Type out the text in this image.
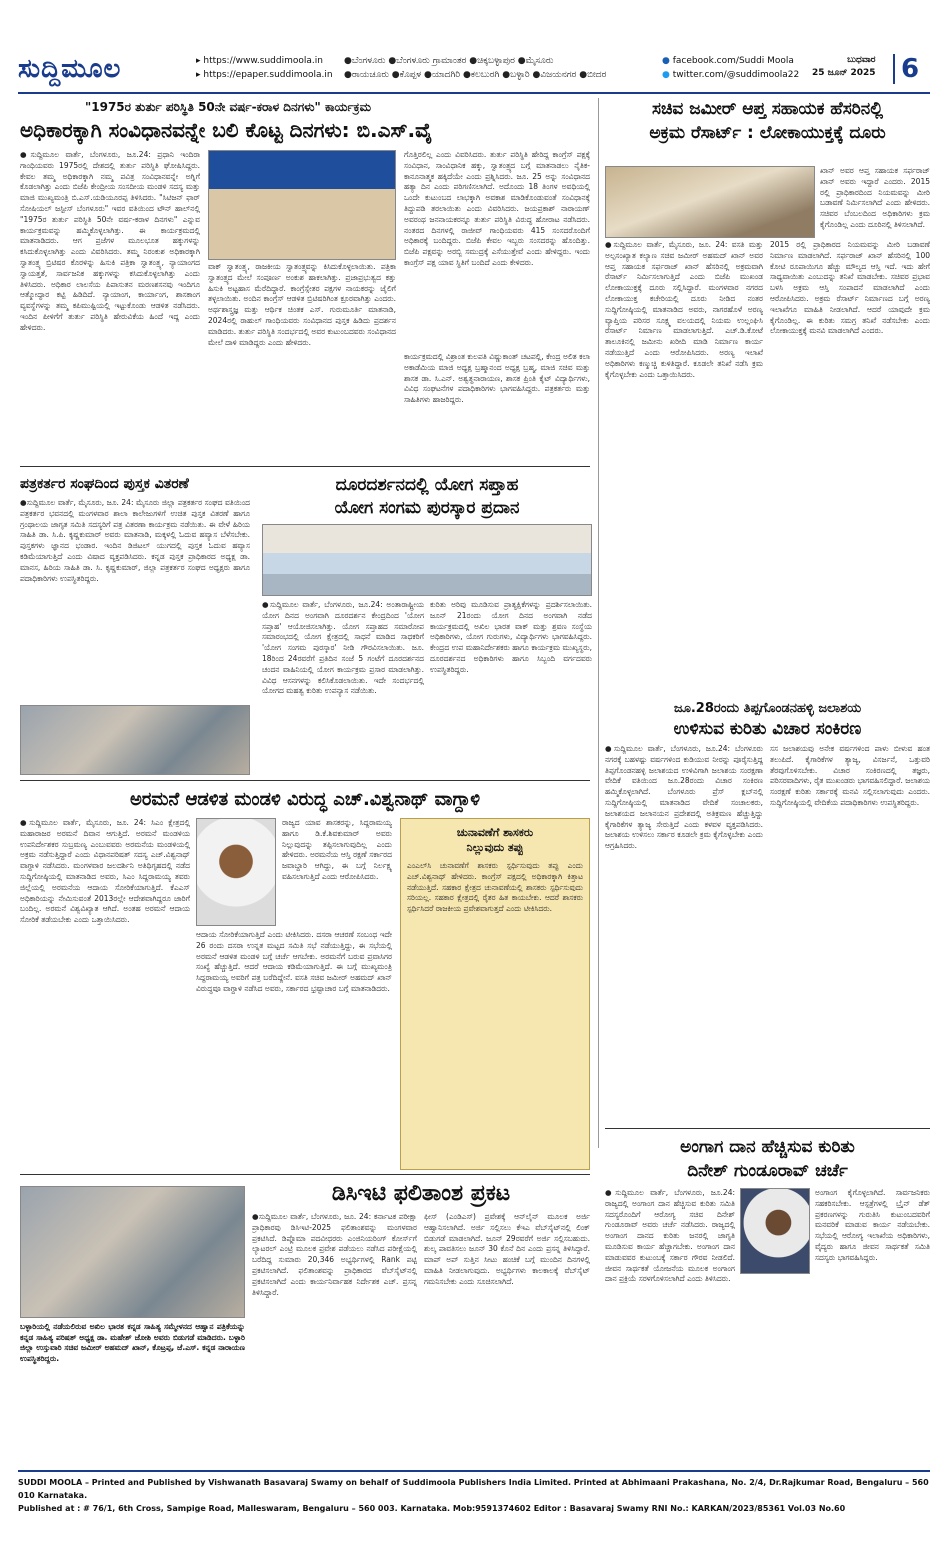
ಸುದ್ದಿಮೂಲ	▸ https://www.suddimoola.in
▸ https://epaper.suddimoola.in
●ಬೆಂಗಳೂರು ●ಬೆಂಗಳೂರು ಗ್ರಾಮಾಂತರ ●ಚಿಕ್ಕಬಳ್ಳಾಪುರ ●ಮೈಸೂರು
●ರಾಯಚೂರು ●ಕೊಪ್ಪಳ ●ಯಾದಗಿರಿ ●ಕಲಬುರಗಿ ●ಬಳ್ಳಾರಿ ●ವಿಜಯನಗರ ●ಬೀದರ
● facebook.com/Suddi Moola
● twitter.com/@suddimoola22
ಬುಧವಾರ
25 ಜೂನ್ 2025 6
"1975ರ ತುರ್ತು ಪರಿಸ್ಥಿತಿ 50ನೇ ವರ್ಷ-ಕರಾಳ ದಿನಗಳು" ಕಾರ್ಯಕ್ರಮ
ಅಧಿಕಾರಕ್ಕಾಗಿ ಸಂವಿಧಾನವನ್ನೇ ಬಲಿ ಕೊಟ್ಟ ದಿನಗಳು: ಬಿ.ಎಸ್.ವೈ
●ಸುದ್ದಿಮೂಲ ವಾರ್ತೆ, ಬೆಂಗಳೂರು, ಜೂ.24: ಪ್ರಧಾನಿ ಇಂದಿರಾ ಗಾಂಧಿಯವರು 1975ರಲ್ಲಿ ದೇಶದಲ್ಲಿ ತುರ್ತು ಪರಿಸ್ಥಿತಿ ಘೋಷಿಸಿದ್ದರು. ಕೇವಲ ತಮ್ಮ ಅಧಿಕಾರಕ್ಕಾಗಿ ನಮ್ಮ ಪವಿತ್ರ ಸಂವಿಧಾನವನ್ನೇ ಅಗ್ನಿಗೆ ಕೊಡಲಾಗಿತ್ತು ಎಂದು ಬಿಜೆಪಿ ಕೇಂದ್ರೀಯ ಸಂಸದೀಯ ಮಂಡಳಿ ಸದಸ್ಯ ಮತ್ತು ಮಾಜಿ ಮುಖ್ಯಮಂತ್ರಿ ಬಿ.ಎಸ್.ಯಡಿಯೂರಪ್ಪ ತಿಳಿಸಿದರು. "ಸಿಟಿಜನ್ ಫಾರ್ ಸೋಷಿಯಲ್ ಜಸ್ಟೀಸ್ ಬೆಂಗಳೂರು" ಇವರ ವತಿಯಿಂದ ಟೌನ್ ಹಾಲ್‌ನಲ್ಲಿ "1975ರ ತುರ್ತು ಪರಿಸ್ಥಿತಿ 50ನೇ ವರ್ಷ-ಕರಾಳ ದಿನಗಳು" ಎನ್ನುವ ಕಾರ್ಯಕ್ರಮವನ್ನು ಹಮ್ಮಿಕೊಳ್ಳಲಾಗಿತ್ತು. ಈ ಕಾರ್ಯಕ್ರಮದಲ್ಲಿ ಮಾತನಾಡಿದರು. ಆಗ ಪ್ರಜೆಗಳ ಮೂಲಭೂತ ಹಕ್ಕುಗಳನ್ನು ಕಸಿದುಕೊಳ್ಳಲಾಗಿತ್ತು ಎಂದು ವಿವರಿಸಿದರು. ತಮ್ಮ ನಿರಂಕುಶ ಅಧಿಕಾರಕ್ಕಾಗಿ ಸ್ವಾತಂತ್ರ್ಯ ಬ್ರಿಟಿಷರ ಕೊರಳಿನ್ನು ಹಿಸುಕಿ ಪತ್ರಿಕಾ ಸ್ವಾತಂತ್ರ್ಯ, ನ್ಯಾಯಾಂಗದ ಸ್ವಾಯತ್ತತೆ, ಸಾರ್ವಜನಿಕ ಹಕ್ಕುಗಳನ್ನು ಕಸಿದುಕೊಳ್ಳಲಾಗಿತ್ತು ಎಂದು ತಿಳಿಸಿದರು. ಅಧಿಕಾರ ಲಾಲಸೆಯ ಪಿಪಾಸುತನ ಮರಣಶಸನವು ಇಂದಿಗೂ ಆತ್ಮೋದ್ಧಾರ ಕಟ್ಟಿ ಹಿಡಿದಿದೆ. ನ್ಯಾಯಾಂಗ, ಕಾರ್ಯಾಂಗ, ಶಾಸಕಾಂಗ ವ್ಯವಸ್ಥೆಗಳನ್ನು ತಮ್ಮ ಕಪಿಮುಷ್ಟಿಯಲ್ಲಿ ಇಟ್ಟುಕೊಂಡು ಆಡಳಿತ ನಡೆಸಿದರು. ಇಂದಿನ ಪೀಳಿಗೆಗೆ ತುರ್ತು ಪರಿಸ್ಥಿತಿ ಹೇರುವಿಕೆಯ ಹಿಂದೆ ಇದ್ದ ಎಂದು ಹೇಳಿದರು.
ವಾಕ್ ಸ್ವಾತಂತ್ರ್ಯ, ರಾಜಕೀಯ ಸ್ವಾತಂತ್ರ್ಯವನ್ನು ಕಿಸಿದುಕೊಳ್ಳಲಾಯಿತು. ಪತ್ರಿಕಾ ಸ್ವಾತಂತ್ರ್ಯದ ಮೇಲೆ ಸಂಪೂರ್ಣ ಅಂಕುಶ ಹಾಕಲಾಗಿತ್ತು. ಪ್ರಜಾಪ್ರಭುತ್ವದ ಕತ್ತು ಹಿಸುಕಿ ಅಟ್ಟಹಾಸ ಮೆರೆದಿದ್ದಾರೆ. ಕಾಂಗ್ರೆಸ್ಸೇತರ ಪಕ್ಷಗಳ ನಾಯಕರನ್ನು ಜೈಲಿಗೆ ತಳ್ಳಲಾಯಿತು. ಅಂದಿನ ಕಾಂಗ್ರೆಸ್ ಆಡಳಿತ ಬ್ರಿಟಿಷರಿಗಿಂತ ಕ್ರೂರವಾಗಿತ್ತು ಎಂದರು. ಅರ್ಥಶಾಸ್ತ್ರಜ್ಞ ಮತ್ತು ಆರ್ಥಿಕ ಚಿಂತಕ ಎಸ್. ಗುರುಮೂರ್ತಿ ಮಾತನಾಡಿ, 2024ರಲ್ಲಿ ರಾಹುಲ್ ಗಾಂಧಿಯವರು ಸಂವಿಧಾನದ ಪುಸ್ತಕ ಹಿಡಿದು ಪ್ರದರ್ಶನ ಮಾಡಿದರು. ತುರ್ತು ಪರಿಸ್ಥಿತಿ ಸಂದರ್ಭದಲ್ಲಿ ಅವರ ಕುಟುಂಬದವರು ಸಂವಿಧಾನದ ಮೇಲೆ ದಾಳಿ ಮಾಡಿದ್ದರು ಎಂದು ಹೇಳಿದರು.
ಗೊತ್ತಿರಲಿಲ್ಲ ಎಂದು ವಿವರಿಸಿದರು. ತುರ್ತು ಪರಿಸ್ಥಿತಿ ಹೇರಿದ್ದ ಕಾಂಗ್ರೆಸ್ ಪಕ್ಷಕ್ಕೆ ಸಂವಿಧಾನ, ಸಾಂವಿಧಾನಿಕ ಹಕ್ಕು, ಸ್ವಾತಂತ್ರ್ಯದ ಬಗ್ಗೆ ಮಾತನಾಡಲು ನೈತಿಕ-ಕಾನೂನಾತ್ಮಕ ಹಕ್ಕಿದೆಯೇ ಎಂದು ಪ್ರಶ್ನಿಸಿದರು. ಜೂ. 25 ಅನ್ನು ಸಂವಿಧಾನದ ಹತ್ಯಾ ದಿನ ಎಂದು ಪರಿಗಣಿಸಲಾಗಿದೆ. ಅದೊಂದು 18 ತಿಂಗಳ ಅವಧಿಯಲ್ಲಿ ಒಂದೇ ಕುಟುಂಬದ ಲಾಭಕ್ಕಾಗಿ ಅವಕಾಶ ಮಾಡಿಕೊಂಡುವಂತೆ ಸಂವಿಧಾನಕ್ಕೆ ತಿದ್ದುಪಡಿ ತರಲಾಯಿತು ಎಂದು ವಿವರಿಸಿದರು. ಜಯಪ್ರಕಾಶ್ ನಾರಾಯಣ್ ಅವರಂಥ ಜನನಾಯಕರನ್ನೂ ತುರ್ತು ಪರಿಸ್ಥಿತಿ ವಿರುದ್ಧ ಹೋರಾಟ ನಡೆಸಿದರು. ನಂತರದ ದಿನಗಳಲ್ಲಿ ರಾಜೀವ್ ಗಾಂಧಿಯವರು 415 ಸಂಸದರೊಂದಿಗೆ ಅಧಿಕಾರಕ್ಕೆ ಬಂದಿದ್ದರು. ಬಿಜೆಪಿ ಕೇವಲ ಇಬ್ಬರು ಸಂಸದರನ್ನು ಹೊಂದಿತ್ತು. ಬಿಜೆಪಿ ಪಕ್ಷವನ್ನು ಅರಬ್ಬಿ ಸಮುದ್ರಕ್ಕೆ ಎಸೆಯುತ್ತೇವೆ ಎಂದು ಹೇಳಿದ್ದರು. ಇಂದು ಕಾಂಗ್ರೆಸ್ ಪಕ್ಷ ಯಾವ ಸ್ಥಿತಿಗೆ ಬಂದಿದೆ ಎಂದು ಕೇಳಿದರು.
ಕಾರ್ಯಕ್ರಮದಲ್ಲಿ ವಿಶ್ರಾಂತ ಕುಲಪತಿ ವಿಷ್ಣುಕಾಂತ್ ಚಟಪಲ್ಲಿ, ಕೇಂದ್ರ ಅಲಿತ ಕಲಾ ಅಕಾಡೆಮಿಯ ಮಾಜಿ ಅಧ್ಯಕ್ಷ ಬ್ರಹ್ಮಾನಂದ ಅಧ್ಯಕ್ಷ ಬ್ರಹ್ಮ, ಮಾಜಿ ಸಚಿವ ಮತ್ತು ಶಾಸಕ ಡಾ. ಸಿ.ಎನ್. ಅಶ್ವತ್ಥನಾರಾಯಣ, ಶಾಸಕ ಪ್ರಿಂತಿ ಕೈಟ್ ವಿದ್ಯಾರ್ಥಿಗಳು, ವಿವಿಧ ಸಂಘಟನೆಗಳ ಪದಾಧಿಕಾರಿಗಳು ಭಾಗವಹಿಸಿದ್ದರು. ಪತ್ರಕರ್ತರು ಮತ್ತು ಸಾಹಿತಿಗಳು ಹಾಜರಿದ್ದರು.
ಸಚಿವ ಜಮೀರ್ ಆಪ್ತ ಸಹಾಯಕ ಹೆಸರಿನಲ್ಲಿ
ಅಕ್ರಮ ರೆಸಾರ್ಟ್ : ಲೋಕಾಯುಕ್ತಕ್ಕೆ ದೂರು
ಖಾನ್ ಅವರ ಆಪ್ತ ಸಹಾಯಕ ಸರ್ಫರಾಜ್ ಖಾನ್ ಅವರು ಇದ್ದಾರೆ ಎಂದರು. 2015 ರಲ್ಲಿ ಪ್ರಾಧಿಕಾರದಿಂದ ನಿಯಮವನ್ನು ಮೀರಿ ಬಡಾವಣೆ ನಿರ್ಮಿಸಲಾಗಿದೆ ಎಂದು ಹೇಳಿದರು. ಸಚಿವರ ಬೆಂಬಲದಿಂದ ಅಧಿಕಾರಿಗಳು ಕ್ರಮ ಕೈಗೊಂಡಿಲ್ಲ ಎಂದು ದೂರಿನಲ್ಲಿ ತಿಳಿಸಲಾಗಿದೆ.
●ಸುದ್ದಿಮೂಲ ವಾರ್ತೆ, ಮೈಸೂರು, ಜೂ. 24: ವಸತಿ ಮತ್ತು ಅಲ್ಪಸಂಖ್ಯಾತ ಕಲ್ಯಾಣ ಸಚಿವ ಜಮೀರ್ ಅಹಮದ್ ಖಾನ್ ಅವರ ಆಪ್ತ ಸಹಾಯಕ ಸರ್ಫರಾಜ್ ಖಾನ್ ಹೆಸರಿನಲ್ಲಿ ಅಕ್ರಮವಾಗಿ ರೆಸಾರ್ಟ್ ನಿರ್ಮಿಸಲಾಗುತ್ತಿದೆ ಎಂದು ಬಿಜೆಪಿ ಮುಖಂಡ ಲೋಕಾಯುಕ್ತಕ್ಕೆ ದೂರು ಸಲ್ಲಿಸಿದ್ದಾರೆ. ಮಂಗಳವಾರ ನಗರದ ಲೋಕಾಯುಕ್ತ ಕಚೇರಿಯಲ್ಲಿ ದೂರು ನೀಡಿದ ನಂತರ ಸುದ್ದಿಗೋಷ್ಠಿಯಲ್ಲಿ ಮಾತನಾಡಿದ ಅವರು, ನಾಗರಹೊಳೆ ಅರಣ್ಯ ವ್ಯಾಪ್ತಿಯ ಪರಿಸರ ಸೂಕ್ಷ್ಮ ವಲಯದಲ್ಲಿ ನಿಯಮ ಉಲ್ಲಂಘಿಸಿ ರೆಸಾರ್ಟ್ ನಿರ್ಮಾಣ ಮಾಡಲಾಗುತ್ತಿದೆ. ಎಚ್.ಡಿ.ಕೋಟೆ ತಾಲೂಕಿನಲ್ಲಿ ಜಮೀನು ಖರೀದಿ ಮಾಡಿ ನಿರ್ಮಾಣ ಕಾರ್ಯ ನಡೆಯುತ್ತಿದೆ ಎಂದು ಆರೋಪಿಸಿದರು. ಅರಣ್ಯ ಇಲಾಖೆ ಅಧಿಕಾರಿಗಳು ಕಣ್ಮುಚ್ಚಿ ಕುಳಿತಿದ್ದಾರೆ. ಕೂಡಲೇ ತನಿಖೆ ನಡೆಸಿ ಕ್ರಮ ಕೈಗೊಳ್ಳಬೇಕು ಎಂದು ಒತ್ತಾಯಿಸಿದರು.
2015 ರಲ್ಲಿ ಪ್ರಾಧಿಕಾರದ ನಿಯಮವನ್ನು ಮೀರಿ ಬಡಾವಣೆ ನಿರ್ಮಾಣ ಮಾಡಲಾಗಿದೆ. ಸರ್ಫರಾಜ್ ಖಾನ್ ಹೆಸರಿನಲ್ಲಿ 100 ಕೋಟಿ ರೂಪಾಯಿಗೂ ಹೆಚ್ಚು ಮೌಲ್ಯದ ಆಸ್ತಿ ಇದೆ. ಇದು ಹೇಗೆ ಸಾಧ್ಯವಾಯಿತು ಎಂಬುದನ್ನು ತನಿಖೆ ಮಾಡಬೇಕು. ಸಚಿವರ ಪ್ರಭಾವ ಬಳಸಿ ಅಕ್ರಮ ಆಸ್ತಿ ಸಂಪಾದನೆ ಮಾಡಲಾಗಿದೆ ಎಂದು ಆರೋಪಿಸಿದರು. ಅಕ್ರಮ ರೆಸಾರ್ಟ್ ನಿರ್ಮಾಣದ ಬಗ್ಗೆ ಅರಣ್ಯ ಇಲಾಖೆಗೂ ಮಾಹಿತಿ ನೀಡಲಾಗಿದೆ. ಆದರೆ ಯಾವುದೇ ಕ್ರಮ ಕೈಗೊಂಡಿಲ್ಲ. ಈ ಕುರಿತು ಸಮಗ್ರ ತನಿಖೆ ನಡೆಸಬೇಕು ಎಂದು ಲೋಕಾಯುಕ್ತಕ್ಕೆ ಮನವಿ ಮಾಡಲಾಗಿದೆ ಎಂದರು.
ಪತ್ರಕರ್ತರ ಸಂಘದಿಂದ ಪುಸ್ತಕ ವಿತರಣೆ
●ಸುದ್ದಿಮೂಲ ವಾರ್ತೆ, ಮೈಸೂರು, ಜೂ. 24: ಮೈಸೂರು ಜಿಲ್ಲಾ ಪತ್ರಕರ್ತರ ಸಂಘದ ವತಿಯಿಂದ ಪತ್ರಕರ್ತರ ಭವನದಲ್ಲಿ ಮಂಗಳವಾರ ಶಾಲಾ ಕಾಲೇಜುಗಳಿಗೆ ಉಚಿತ ಪುಸ್ತಕ ವಿತರಣೆ ಹಾಗೂ ಗ್ರಂಥಾಲಯ ಜಾಗೃತ ಸಮಿತಿ ಸದಸ್ಯರಿಗೆ ಪತ್ರ ವಿತರಣಾ ಕಾರ್ಯಕ್ರಮ ನಡೆಯಿತು. ಈ ವೇಳೆ ಹಿರಿಯ ಸಾಹಿತಿ ಡಾ. ಸಿ.ಪಿ. ಕೃಷ್ಣಕುಮಾರ್ ಅವರು ಮಾತನಾಡಿ, ಮಕ್ಕಳಲ್ಲಿ ಓದುವ ಹವ್ಯಾಸ ಬೆಳೆಸಬೇಕು. ಪುಸ್ತಕಗಳು ಜ್ಞಾನದ ಭಂಡಾರ. ಇಂದಿನ ಡಿಜಿಟಲ್ ಯುಗದಲ್ಲಿ ಪುಸ್ತಕ ಓದುವ ಹವ್ಯಾಸ ಕಡಿಮೆಯಾಗುತ್ತಿದೆ ಎಂದು ವಿಷಾದ ವ್ಯಕ್ತಪಡಿಸಿದರು. ಕನ್ನಡ ಪುಸ್ತಕ ಪ್ರಾಧಿಕಾರದ ಅಧ್ಯಕ್ಷ ಡಾ. ಮಾನಸ, ಹಿರಿಯ ಸಾಹಿತಿ ಡಾ. ಸಿ. ಕೃಷ್ಣಕುಮಾರ್, ಜಿಲ್ಲಾ ಪತ್ರಕರ್ತರ ಸಂಘದ ಅಧ್ಯಕ್ಷರು ಹಾಗೂ ಪದಾಧಿಕಾರಿಗಳು ಉಪಸ್ಥಿತರಿದ್ದರು.
ದೂರದರ್ಶನದಲ್ಲಿ ಯೋಗ ಸಪ್ತಾಹ
ಯೋಗ ಸಂಗಮ ಪುರಸ್ಕಾರ ಪ್ರದಾನ
●ಸುದ್ದಿಮೂಲ ವಾರ್ತೆ, ಬೆಂಗಳೂರು, ಜೂ.24: ಅಂತಾರಾಷ್ಟ್ರೀಯ ಯೋಗ ದಿನದ ಅಂಗವಾಗಿ ದೂರದರ್ಶನ ಕೇಂದ್ರದಿಂದ 'ಯೋಗ ಸಪ್ತಾಹ' ಆಯೋಜಿಸಲಾಗಿತ್ತು. ಯೋಗ ಸಪ್ತಾಹದ ಸಮಾರೋಪ ಸಮಾರಂಭದಲ್ಲಿ ಯೋಗ ಕ್ಷೇತ್ರದಲ್ಲಿ ಸಾಧನೆ ಮಾಡಿದ ಸಾಧಕರಿಗೆ 'ಯೋಗ ಸಂಗಮ ಪುರಸ್ಕಾರ' ನೀಡಿ ಗೌರವಿಸಲಾಯಿತು. ಜೂ. 18ರಿಂದ 24ರವರೆಗೆ ಪ್ರತಿದಿನ ಸಂಜೆ 5 ಗಂಟೆಗೆ ದೂರದರ್ಶನದ ಚಂದನ ವಾಹಿನಿಯಲ್ಲಿ ಯೋಗ ಕಾರ್ಯಕ್ರಮ ಪ್ರಸಾರ ಮಾಡಲಾಗಿತ್ತು. ವಿವಿಧ ಆಸನಗಳನ್ನು ಕಲಿಸಿಕೊಡಲಾಯಿತು. ಇದೇ ಸಂದರ್ಭದಲ್ಲಿ ಯೋಗದ ಮಹತ್ವ ಕುರಿತು ಉಪನ್ಯಾಸ ನಡೆಯಿತು.
ಕುರಿತು ಅರಿವು ಮೂಡಿಸುವ ಪ್ರಾತ್ಯಕ್ಷಿಕೆಗಳನ್ನು ಪ್ರದರ್ಶಿಸಲಾಯಿತು. ಜೂನ್ 21ರಂದು ಯೋಗ ದಿನದ ಅಂಗವಾಗಿ ನಡೆದ ಕಾರ್ಯಕ್ರಮದಲ್ಲಿ ಅಖಿಲ ಭಾರತ ವಾಕ್ ಮತ್ತು ಶ್ರವಣ ಸಂಸ್ಥೆಯ ಅಧಿಕಾರಿಗಳು, ಯೋಗ ಗುರುಗಳು, ವಿದ್ಯಾರ್ಥಿಗಳು ಭಾಗವಹಿಸಿದ್ದರು. ಕೇಂದ್ರದ ಉಪ ಮಹಾನಿರ್ದೇಶಕರು ಹಾಗೂ ಕಾರ್ಯಕ್ರಮ ಮುಖ್ಯಸ್ಥರು, ದೂರದರ್ಶನದ ಅಧಿಕಾರಿಗಳು ಹಾಗೂ ಸಿಬ್ಬಂದಿ ವರ್ಗದವರು ಉಪಸ್ಥಿತರಿದ್ದರು.
ಜೂ.28ರಂದು ತಿಪ್ಪಗೊಂಡನಹಳ್ಳಿ ಜಲಾಶಯ
ಉಳಿಸುವ ಕುರಿತು ವಿಚಾರ ಸಂಕಿರಣ
●ಸುದ್ದಿಮೂಲ ವಾರ್ತೆ, ಬೆಂಗಳೂರು, ಜೂ.24: ಬೆಂಗಳೂರು ನಗರಕ್ಕೆ ಬಹಳಷ್ಟು ವರ್ಷಗಳಿಂದ ಕುಡಿಯುವ ನೀರನ್ನು ಪೂರೈಸುತ್ತಿದ್ದ ತಿಪ್ಪಗೊಂಡನಹಳ್ಳಿ ಜಲಾಶಯದ ಉಳಿವಿಗಾಗಿ ಜಲಾಶಯ ಸಂರಕ್ಷಣಾ ವೇದಿಕೆ ವತಿಯಿಂದ ಜೂ.28ರಂದು ವಿಚಾರ ಸಂಕಿರಣ ಹಮ್ಮಿಕೊಳ್ಳಲಾಗಿದೆ. ಬೆಂಗಳೂರು ಪ್ರೆಸ್ ಕ್ಲಬ್‌ನಲ್ಲಿ ಸುದ್ದಿಗೋಷ್ಠಿಯಲ್ಲಿ ಮಾತನಾಡಿದ ವೇದಿಕೆ ಸಂಚಾಲಕರು, ಜಲಾಶಯದ ಜಲಾನಯನ ಪ್ರದೇಶದಲ್ಲಿ ಅತಿಕ್ರಮಣ ಹೆಚ್ಚುತ್ತಿದ್ದು ಕೈಗಾರಿಕೆಗಳ ತ್ಯಾಜ್ಯ ಸೇರುತ್ತಿದೆ ಎಂದು ಕಳವಳ ವ್ಯಕ್ತಪಡಿಸಿದರು. ಜಲಾಶಯ ಉಳಿಸಲು ಸರ್ಕಾರ ಕೂಡಲೇ ಕ್ರಮ ಕೈಗೊಳ್ಳಬೇಕು ಎಂದು ಆಗ್ರಹಿಸಿದರು.
ಸಸ ಜಲಾಶಯವು ಅನೇಕ ವರ್ಷಗಳಿಂದ ಪಾಳು ಬೀಳುವ ಹಂತ ತಲುಪಿದೆ. ಕೈಗಾರಿಕೆಗಳ ತ್ಯಾಜ್ಯ, ವಿಸರ್ಜನೆ, ಒತ್ತುವರಿ ತೆರವುಗೊಳಿಸಬೇಕು. ವಿಚಾರ ಸಂಕಿರಣದಲ್ಲಿ ತಜ್ಞರು, ಪರಿಸರವಾದಿಗಳು, ರೈತ ಮುಖಂಡರು ಭಾಗವಹಿಸಲಿದ್ದಾರೆ. ಜಲಾಶಯ ಸಂರಕ್ಷಣೆ ಕುರಿತು ಸರ್ಕಾರಕ್ಕೆ ಮನವಿ ಸಲ್ಲಿಸಲಾಗುವುದು ಎಂದರು. ಸುದ್ದಿಗೋಷ್ಠಿಯಲ್ಲಿ ವೇದಿಕೆಯ ಪದಾಧಿಕಾರಿಗಳು ಉಪಸ್ಥಿತರಿದ್ದರು.
ಅರಮನೆ ಆಡಳಿತ ಮಂಡಳಿ ವಿರುದ್ಧ ಎಚ್.ವಿಶ್ವನಾಥ್ ವಾಗ್ದಾಳಿ
●ಸುದ್ದಿಮೂಲ ವಾರ್ತೆ, ಮೈಸೂರು, ಜೂ. 24: ಸಿಎಂ ಕ್ಷೇತ್ರದಲ್ಲಿ ಮಹಾರಾಜರ ಅರಮನೆ ದಿವಾನ ಆಗುತ್ತಿದೆ. ಅರಮನೆ ಮಂಡಳಿಯ ಉಪನಿರ್ದೇಶಕರ ಸುಬ್ರಮಣ್ಯ ಎಂಬುವವರು ಅರಮನೆಯ ಮಂಡಳಿಯಲ್ಲಿ ಅಕ್ರಮ ನಡೆಸುತ್ತಿದ್ದಾರೆ ಎಂದು ವಿಧಾನಪರಿಷತ್ ಸದಸ್ಯ ಎಚ್.ವಿಶ್ವನಾಥ್ ವಾಗ್ದಾಳಿ ನಡೆಸಿದರು. ಮಂಗಳವಾರ ಜಲದರ್ಶಿನಿ ಅತಿಥಿಗೃಹದಲ್ಲಿ ನಡೆದ ಸುದ್ದಿಗೋಷ್ಠಿಯಲ್ಲಿ ಮಾತನಾಡಿದ ಅವರು, ಸಿಎಂ ಸಿದ್ದರಾಮಯ್ಯ ತವರು ಜಿಲ್ಲೆಯಲ್ಲಿ ಅರಮನೆಯ ಆದಾಯ ಸೋರಿಕೆಯಾಗುತ್ತಿದೆ. ಕೆಎಎಸ್ ಅಧಿಕಾರಿಯನ್ನು ನೇಮಿಸುವಂತೆ 2013ರಲ್ಲೇ ಆದೇಶವಾಗಿದ್ದರೂ ಜಾರಿಗೆ ಬಂದಿಲ್ಲ. ಅರಮನೆ ವಿಶ್ವವಿಖ್ಯಾತ ಆಗಿದೆ. ಅಂತಹ ಅರಮನೆ ಆದಾಯ ಸೋರಿಕೆ ತಡೆಯಬೇಕು ಎಂದು ಒತ್ತಾಯಿಸಿದರು.
ಆದಾಯ ಸೋರಿಕೆಯಾಗುತ್ತಿದೆ ಎಂದು ಟೀಕಿಸಿದರು. ದಸರಾ ಆಚರಣೆ ಸಂಬಂಧ ಇದೇ 26 ರಂದು ದಸರಾ ಉನ್ನತ ಮಟ್ಟದ ಸಮಿತಿ ಸಭೆ ನಡೆಯುತ್ತಿದ್ದು, ಈ ಸಭೆಯಲ್ಲಿ ಅರಮನೆ ಆಡಳಿತ ಮಂಡಳಿ ಬಗ್ಗೆ ಚರ್ಚೆ ಆಗಬೇಕು. ಅರಮನೆಗೆ ಬರುವ ಪ್ರವಾಸಿಗರ ಸಂಖ್ಯೆ ಹೆಚ್ಚುತ್ತಿದೆ. ಆದರೆ ಆದಾಯ ಕಡಿಮೆಯಾಗುತ್ತಿದೆ. ಈ ಬಗ್ಗೆ ಮುಖ್ಯಮಂತ್ರಿ ಸಿದ್ದರಾಮಯ್ಯ ಅವರಿಗೆ ಪತ್ರ ಬರೆದಿದ್ದೇನೆ. ವಸತಿ ಸಚಿವ ಜಮೀರ್ ಅಹಮದ್ ಖಾನ್ ವಿರುದ್ಧವೂ ವಾಗ್ದಾಳಿ ನಡೆಸಿದ ಅವರು, ಸರ್ಕಾರದ ಭ್ರಷ್ಟಾಚಾರ ಬಗ್ಗೆ ಮಾತನಾಡಿದರು.
ರಾಜ್ಯದ ಯಾವ ಶಾಸಕರನ್ನು, ಸಿದ್ದರಾಮಯ್ಯ ಹಾಗೂ ಡಿ.ಕೆ.ಶಿವಕುಮಾರ್ ಅವರು ನಿಲ್ಲುವುದನ್ನು ತಪ್ಪಿಸಲಾಗುವುದಿಲ್ಲ ಎಂದು ಹೇಳಿದರು. ಅರಮನೆಯ ಆಸ್ತಿ ರಕ್ಷಣೆ ಸರ್ಕಾರದ ಜವಾಬ್ದಾರಿ ಆಗಿದ್ದು, ಈ ಬಗ್ಗೆ ನಿರ್ಲಕ್ಷ್ಯ ವಹಿಸಲಾಗುತ್ತಿದೆ ಎಂದು ಆರೋಪಿಸಿದರು.
ಚುನಾವಣೆಗೆ ಶಾಸಕರು
ನಿಲ್ಲುವುದು ತಪ್ಪು
ಎಂಎಲ್‌ಸಿ ಚುನಾವಣೆಗೆ ಶಾಸಕರು ಸ್ಪರ್ಧಿಸುವುದು ತಪ್ಪು ಎಂದು ಎಚ್.ವಿಶ್ವನಾಥ್ ಹೇಳಿದರು. ಕಾಂಗ್ರೆಸ್ ಪಕ್ಷದಲ್ಲಿ ಅಧಿಕಾರಕ್ಕಾಗಿ ಕಿತ್ತಾಟ ನಡೆಯುತ್ತಿದೆ. ಸಹಕಾರ ಕ್ಷೇತ್ರದ ಚುನಾವಣೆಯಲ್ಲಿ ಶಾಸಕರು ಸ್ಪರ್ಧಿಸುವುದು ಸರಿಯಲ್ಲ. ಸಹಕಾರ ಕ್ಷೇತ್ರದಲ್ಲಿ ರೈತರ ಹಿತ ಕಾಯಬೇಕು. ಆದರೆ ಶಾಸಕರು ಸ್ಪರ್ಧಿಸಿದರೆ ರಾಜಕೀಯ ಪ್ರವೇಶವಾಗುತ್ತದೆ ಎಂದು ಟೀಕಿಸಿದರು.
ಬಳ್ಳಾರಿಯಲ್ಲಿ ನಡೆಯಲಿರುವ ಅಖಿಲ ಭಾರತ ಕನ್ನಡ ಸಾಹಿತ್ಯ ಸಮ್ಮೇಳನದ ಆಹ್ವಾನ ಪತ್ರಿಕೆಯನ್ನು ಕನ್ನಡ ಸಾಹಿತ್ಯ ಪರಿಷತ್ ಅಧ್ಯಕ್ಷ ಡಾ. ಮಹೇಶ್ ಜೋಶಿ ಅವರು ಬಿಡುಗಡೆ ಮಾಡಿದರು. ಬಳ್ಳಾರಿ ಜಿಲ್ಲಾ ಉಸ್ತುವಾರಿ ಸಚಿವ ಜಮೀರ್ ಅಹಮದ್ ಖಾನ್, ಕೊಟ್ರಪ್ಪ, ಜೆ.ಎಸ್. ಕನ್ನಡ ನಾರಾಯಣ ಉಪಸ್ಥಿತರಿದ್ದರು.
ಡಿಸಿಇಟಿ ಫಲಿತಾಂಶ ಪ್ರಕಟ
●ಸುದ್ದಿಮೂಲ ವಾರ್ತೆ, ಬೆಂಗಳೂರು, ಜೂ. 24: ಕರ್ನಾಟಕ ಪರೀಕ್ಷಾ ಪ್ರಾಧಿಕಾರವು ಡಿಸಿಇಟಿ-2025 ಫಲಿತಾಂಶವನ್ನು ಮಂಗಳವಾರ ಪ್ರಕಟಿಸಿದೆ. ಡಿಪ್ಲೊಮಾ ಪದವೀಧರರು ಎಂಜಿನಿಯರಿಂಗ್ ಕೋರ್ಸ್‌ಗೆ ಲ್ಯಾಟರಲ್ ಎಂಟ್ರಿ ಮೂಲಕ ಪ್ರವೇಶ ಪಡೆಯಲು ನಡೆಸಿದ ಪರೀಕ್ಷೆಯಲ್ಲಿ ಬರೆದಿದ್ದ ಸುಮಾರು 20,346 ಅಭ್ಯರ್ಥಿಗಳಲ್ಲಿ Rank ಪಟ್ಟಿ ಪ್ರಕಟಿಸಲಾಗಿದೆ. ಫಲಿತಾಂಶವನ್ನು ಪ್ರಾಧಿಕಾರದ ವೆಬ್‌ಸೈಟ್‌ನಲ್ಲಿ ಪ್ರಕಟಿಸಲಾಗಿದೆ ಎಂದು ಕಾರ್ಯನಿರ್ವಾಹಕ ನಿರ್ದೇಶಕ ಎಚ್. ಪ್ರಸನ್ನ ತಿಳಿಸಿದ್ದಾರೆ.
ಫೀಸ್ (ಎಂಡಿಎಸ್) ಪ್ರವೇಶಕ್ಕೆ ಆನ್‌ಲೈನ್ ಮೂಲಕ ಅರ್ಜಿ ಆಹ್ವಾನಿಸಲಾಗಿದೆ. ಅರ್ಜಿ ಸಲ್ಲಿಸಲು ಕೆಇಎ ವೆಬ್‌ಸೈಟ್‌ನಲ್ಲಿ ಲಿಂಕ್ ಬಿಡುಗಡೆ ಮಾಡಲಾಗಿದೆ. ಜೂನ್ 29ರವರೆಗೆ ಅರ್ಜಿ ಸಲ್ಲಿಸಬಹುದು. ಶುಲ್ಕ ಪಾವತಿಸಲು ಜೂನ್ 30 ಕೊನೆ ದಿನ ಎಂದು ಪ್ರಸನ್ನ ತಿಳಿಸಿದ್ದಾರೆ. ಮಾಪ್ ಅಪ್ ಸುತ್ತಿನ ಸೀಟು ಹಂಚಿಕೆ ಬಗ್ಗೆ ಮುಂದಿನ ದಿನಗಳಲ್ಲಿ ಮಾಹಿತಿ ನೀಡಲಾಗುವುದು. ಅಭ್ಯರ್ಥಿಗಳು ಕಾಲಕಾಲಕ್ಕೆ ವೆಬ್‌ಸೈಟ್ ಗಮನಿಸಬೇಕು ಎಂದು ಸೂಚಿಸಲಾಗಿದೆ.
ಅಂಗಾಗ ದಾನ ಹೆಚ್ಚಿಸುವ ಕುರಿತು
ದಿನೇಶ್ ಗುಂಡೂರಾವ್ ಚರ್ಚೆ
●ಸುದ್ದಿಮೂಲ ವಾರ್ತೆ, ಬೆಂಗಳೂರು, ಜೂ.24: ರಾಜ್ಯದಲ್ಲಿ ಅಂಗಾಂಗ ದಾನ ಹೆಚ್ಚಿಸುವ ಕುರಿತು ಸಮಿತಿ ಸದಸ್ಯರೊಂದಿಗೆ ಆರೋಗ್ಯ ಸಚಿವ ದಿನೇಶ್ ಗುಂಡೂರಾವ್ ಅವರು ಚರ್ಚೆ ನಡೆಸಿದರು. ರಾಜ್ಯದಲ್ಲಿ ಅಂಗಾಂಗ ದಾನದ ಕುರಿತು ಜನರಲ್ಲಿ ಜಾಗೃತಿ ಮೂಡಿಸುವ ಕಾರ್ಯ ಹೆಚ್ಚಾಗಬೇಕು. ಅಂಗಾಂಗ ದಾನ ಮಾಡುವವರ ಕುಟುಂಬಕ್ಕೆ ಸರ್ಕಾರ ಗೌರವ ನೀಡಲಿದೆ. ಜೀವನ ಸಾರ್ಥಕತೆ ಯೋಜನೆಯ ಮೂಲಕ ಅಂಗಾಂಗ ದಾನ ಪ್ರಕ್ರಿಯೆ ಸರಳಗೊಳಿಸಲಾಗಿದೆ ಎಂದು ತಿಳಿಸಿದರು.
ಅಂಗಾಂಗ ಕೈಗೊಳ್ಳಲಾಗಿದೆ. ಸಾರ್ವಜನಿಕರು ಸಹಕರಿಸಬೇಕು. ಆಸ್ಪತ್ರೆಗಳಲ್ಲಿ ಬ್ರೈನ್ ಡೆತ್ ಪ್ರಕರಣಗಳನ್ನು ಗುರುತಿಸಿ ಕುಟುಂಬದವರಿಗೆ ಮನವರಿಕೆ ಮಾಡುವ ಕಾರ್ಯ ನಡೆಯಬೇಕು. ಸಭೆಯಲ್ಲಿ ಆರೋಗ್ಯ ಇಲಾಖೆಯ ಅಧಿಕಾರಿಗಳು, ವೈದ್ಯರು ಹಾಗೂ ಜೀವನ ಸಾರ್ಥಕತೆ ಸಮಿತಿ ಸದಸ್ಯರು ಭಾಗವಹಿಸಿದ್ದರು.
SUDDI MOOLA – Printed and Published by Vishwanath Basavaraj Swamy on behalf of Suddimoola Publishers India Limited. Printed at Abhimaani Prakashana, No. 2/4, Dr.Rajkumar Road, Bengaluru – 560 010 Karnataka.
Published at : # 76/1, 6th Cross, Sampige Road, Malleswaram, Bengaluru – 560 003. Karnataka. Mob:9591374602 Editor : Basavaraj Swamy RNI No.: KARKAN/2023/85361 Vol.03 No.60
